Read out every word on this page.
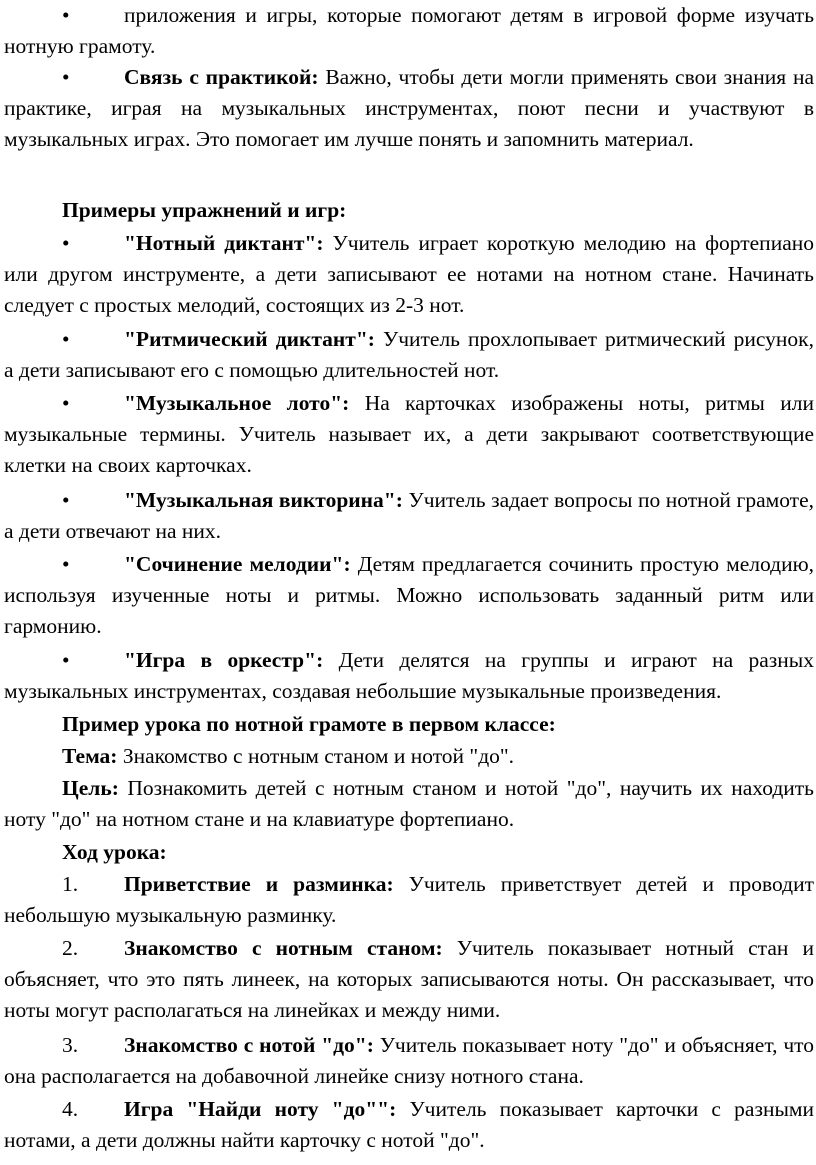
•	приложения и игры, которые помогают детям в игровой форме изучать нотную грамоту.

•	Связь с практикой: Важно, чтобы дети могли применять свои знания на практике, играя на музыкальных инструментах, поют песни и участвуют в музыкальных играх. Это помогает им лучше понять и запомнить материал.

Примеры упражнений и игр:

•	"Нотный диктант": Учитель играет короткую мелодию на фортепиано или другом инструменте, а дети записывают ее нотами на нотном стане. Начинать следует с простых мелодий, состоящих из 2-3 нот.

•	"Ритмический диктант": Учитель прохлопывает ритмический рисунок, а дети записывают его с помощью длительностей нот.

•	"Музыкальное лото": На карточках изображены ноты, ритмы или музыкальные термины. Учитель называет их, а дети закрывают соответствующие клетки на своих карточках.

•	"Музыкальная викторина": Учитель задает вопросы по нотной грамоте, а дети отвечают на них.

•	"Сочинение мелодии": Детям предлагается сочинить простую мелодию, используя изученные ноты и ритмы. Можно использовать заданный ритм или гармонию.

•	"Игра в оркестр": Дети делятся на группы и играют на разных музыкальных инструментах, создавая небольшие музыкальные произведения.

Пример урока по нотной грамоте в первом классе:

Тема: Знакомство с нотным станом и нотой "до".

Цель: Познакомить детей с нотным станом и нотой "до", научить их находить ноту "до" на нотном стане и на клавиатуре фортепиано.

Ход урока:

1. Приветствие и разминка: Учитель приветствует детей и проводит небольшую музыкальную разминку.

2. Знакомство с нотным станом: Учитель показывает нотный стан и объясняет, что это пять линеек, на которых записываются ноты. Он рассказывает, что ноты могут располагаться на линейках и между ними.

3. Знакомство с нотой "до": Учитель показывает ноту "до" и объясняет, что она располагается на добавочной линейке снизу нотного стана.

4. Игра "Найди ноту "до"": Учитель показывает карточки с разными нотами, а дети должны найти карточку с нотой "до".
